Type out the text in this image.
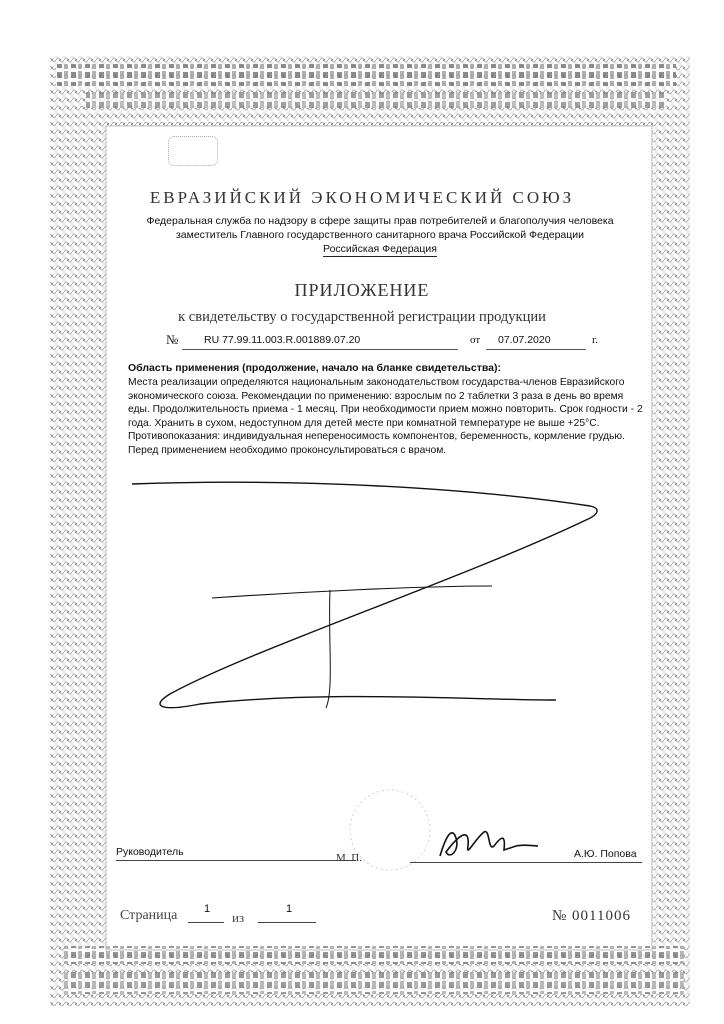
ЕВРАЗИЙСКИЙ ЭКОНОМИЧЕСКИЙ СОЮЗ
Федеральная служба по надзору в сфере защиты прав потребителей и благополучия человека
заместитель Главного государственного санитарного врача Российской Федерации
Российская Федерация
ПРИЛОЖЕНИЕ
к свидетельству о государственной регистрации продукции
№ RU 77.99.11.003.R.001889.07.20	от 07.07.2020	г.
Область применения (продолжение, начало на бланке свидетельства):
Места реализации определяются национальным законодательством государства-членов Евразийского экономического союза. Рекомендации по применению: взрослым по 2 таблетки 3 раза в день во время еды. Продолжительность приема - 1 месяц. При необходимости прием можно повторить. Срок годности - 2 года. Хранить в сухом, недоступном для детей месте при комнатной температуре не выше +25°С. Противопоказания: индивидуальная непереносимость компонентов, беременность, кормление грудью. Перед применением необходимо проконсультироваться с врачом.
Руководитель	М. П.	А.Ю. Попова
Страница 1
из
1	№ 0011006
